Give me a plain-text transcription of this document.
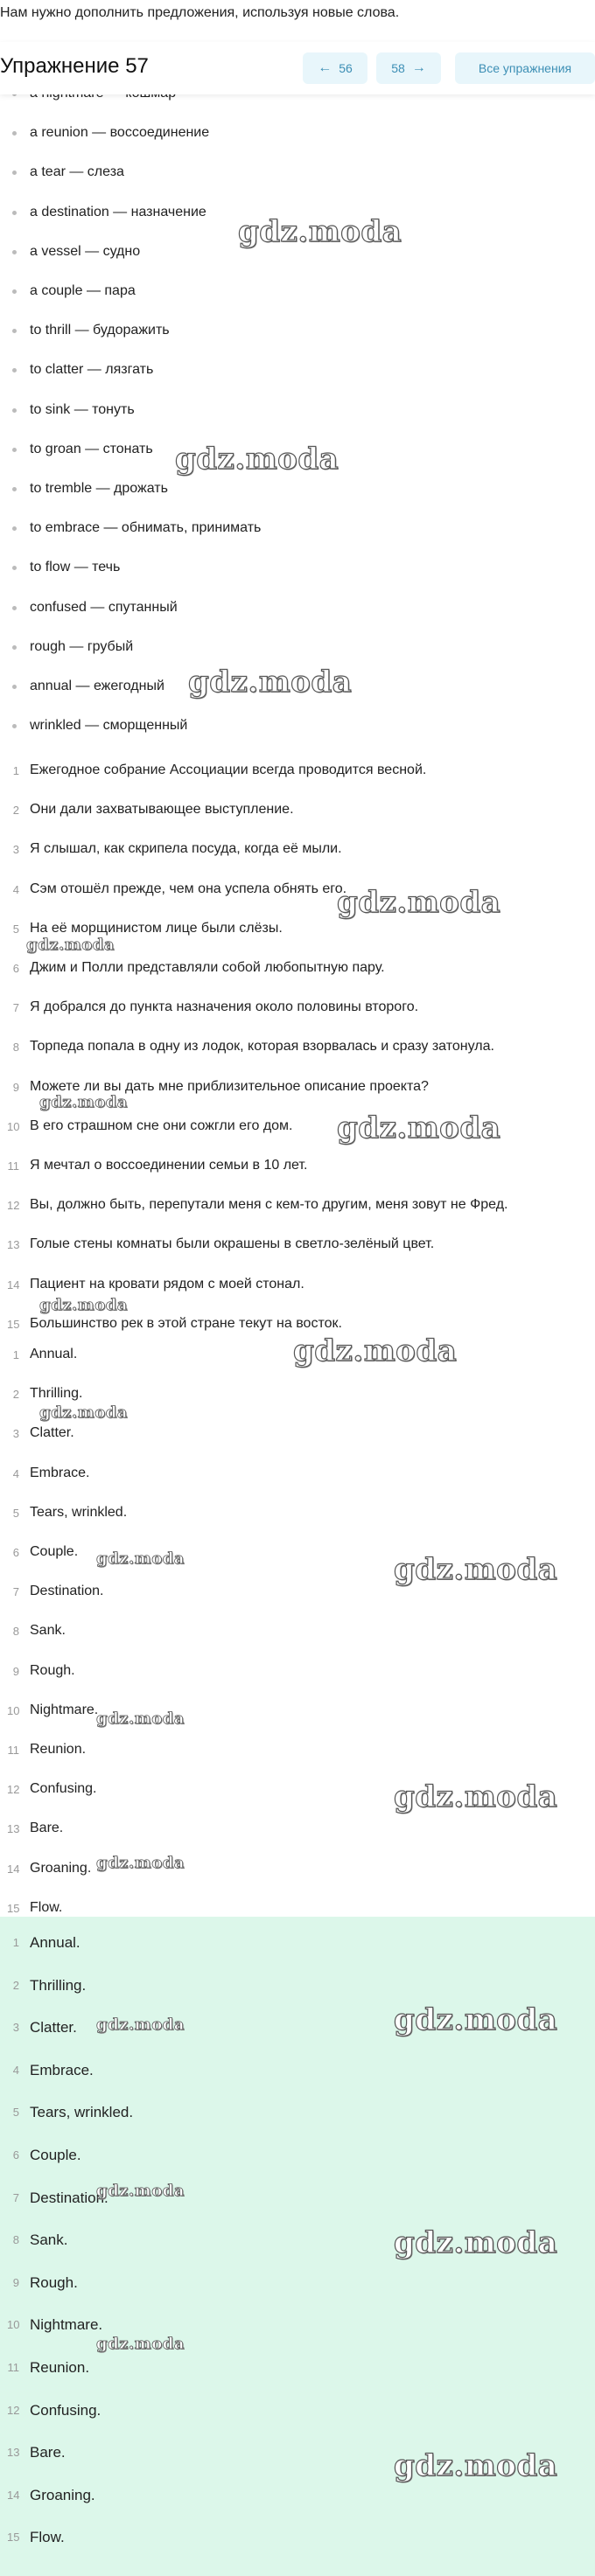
Нам нужно дополнить предложения, используя новые слова.
Упражнение 57	← 56	58 →	Все упражнения
a reunion — воссоединение
a tear — слеза
a destination — назначение
a vessel — судно
a couple — пара
to thrill — будоражить
to clatter — лязгать
to sink — тонуть
to groan — стонать
to tremble — дрожать
to embrace — обнимать, принимать
to flow — течь
confused — спутанный
rough — грубый
annual — ежегодный
wrinkled — сморщенный
1 Ежегодное собрание Ассоциации всегда проводится весной.
2 Они дали захватывающее выступление.
3 Я слышал, как скрипела посуда, когда её мыли.
4 Сэм отошёл прежде, чем она успела обнять его.
5 На её морщинистом лице были слёзы.
6 Джим и Полли представляли собой любопытную пару.
7 Я добрался до пункта назначения около половины второго.
8 Торпеда попала в одну из лодок, которая взорвалась и сразу затонула.
9 Можете ли вы дать мне приблизительное описание проекта?
10 В его страшном сне они сожгли его дом.
11 Я мечтал о воссоединении семьи в 10 лет.
12 Вы, должно быть, перепутали меня с кем-то другим, меня зовут не Фред.
13 Голые стены комнаты были окрашены в светло-зелёный цвет.
14 Пациент на кровати рядом с моей стонал.
15 Большинство рек в этой стране текут на восток.
1 Annual.
2 Thrilling.
3 Clatter.
4 Embrace.
5 Tears, wrinkled.
6 Couple.
7 Destination.
8 Sank.
9 Rough.
10 Nightmare.
11 Reunion.
12 Confusing.
13 Bare.
14 Groaning.
15 Flow.
1 Annual.
2 Thrilling.
3 Clatter.
4 Embrace.
5 Tears, wrinkled.
6 Couple.
7 Destination.
8 Sank.
9 Rough.
10 Nightmare.
11 Reunion.
12 Confusing.
13 Bare.
14 Groaning.
15 Flow.
gdz.moda
gdz.moda
gdz.moda
gdz.moda
gdz.moda
gdz.moda
gdz.moda
gdz.moda
gdz.moda
gdz.moda
gdz.moda
gdz.moda
gdz.moda
gdz.moda
gdz.moda
gdz.moda
gdz.moda
gdz.moda
gdz.moda
gdz.moda
gdz.moda
